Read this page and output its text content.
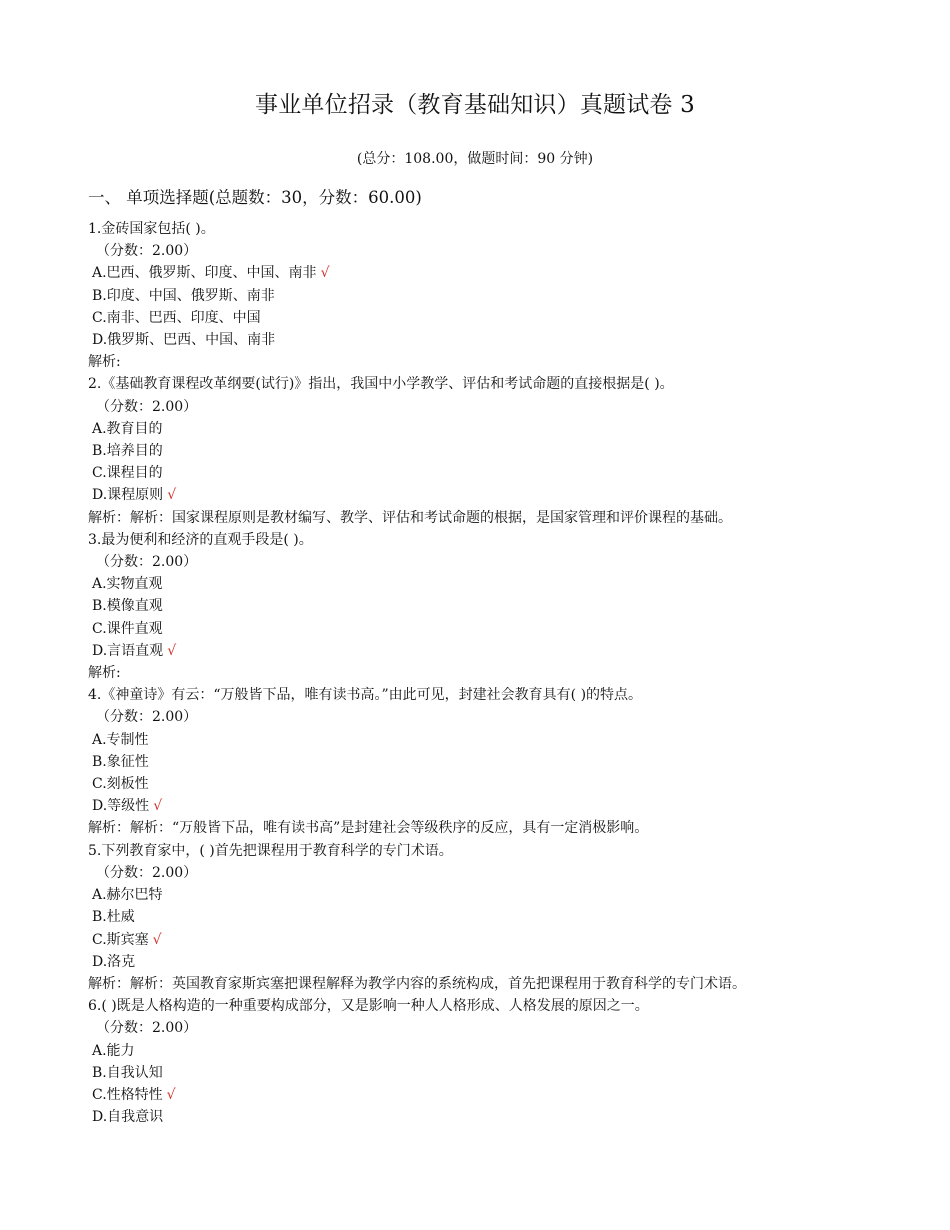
事业单位招录（教育基础知识）真题试卷 3
(总分：108.00，做题时间：90 分钟)
一、 单项选择题(总题数：30，分数：60.00)
1.金砖国家包括( )。
（分数：2.00）
A.巴西、俄罗斯、印度、中国、南非 √
B.印度、中国、俄罗斯、南非
C.南非、巴西、印度、中国
D.俄罗斯、巴西、中国、南非
解析:
2.《基础教育课程改革纲要(试行)》指出，我国中小学教学、评估和考试命题的直接根据是( )。
（分数：2.00）
A.教育目的
B.培养目的
C.课程目的
D.课程原则 √
解析：解析：国家课程原则是教材编写、教学、评估和考试命题的根据，是国家管理和评价课程的基础。
3.最为便利和经济的直观手段是( )。
（分数：2.00）
A.实物直观
B.模像直观
C.课件直观
D.言语直观 √
解析:
4.《神童诗》有云：“万般皆下品，唯有读书高。”由此可见，封建社会教育具有( )的特点。
（分数：2.00）
A.专制性
B.象征性
C.刻板性
D.等级性 √
解析：解析：“万般皆下品，唯有读书高”是封建社会等级秩序的反应，具有一定消极影响。
5.下列教育家中，( )首先把课程用于教育科学的专门术语。
（分数：2.00）
A.赫尔巴特
B.杜威
C.斯宾塞 √
D.洛克
解析：解析：英国教育家斯宾塞把课程解释为教学内容的系统构成，首先把课程用于教育科学的专门术语。
6.( )既是人格构造的一种重要构成部分，又是影响一种人人格形成、人格发展的原因之一。
（分数：2.00）
A.能力
B.自我认知
C.性格特性 √
D.自我意识
